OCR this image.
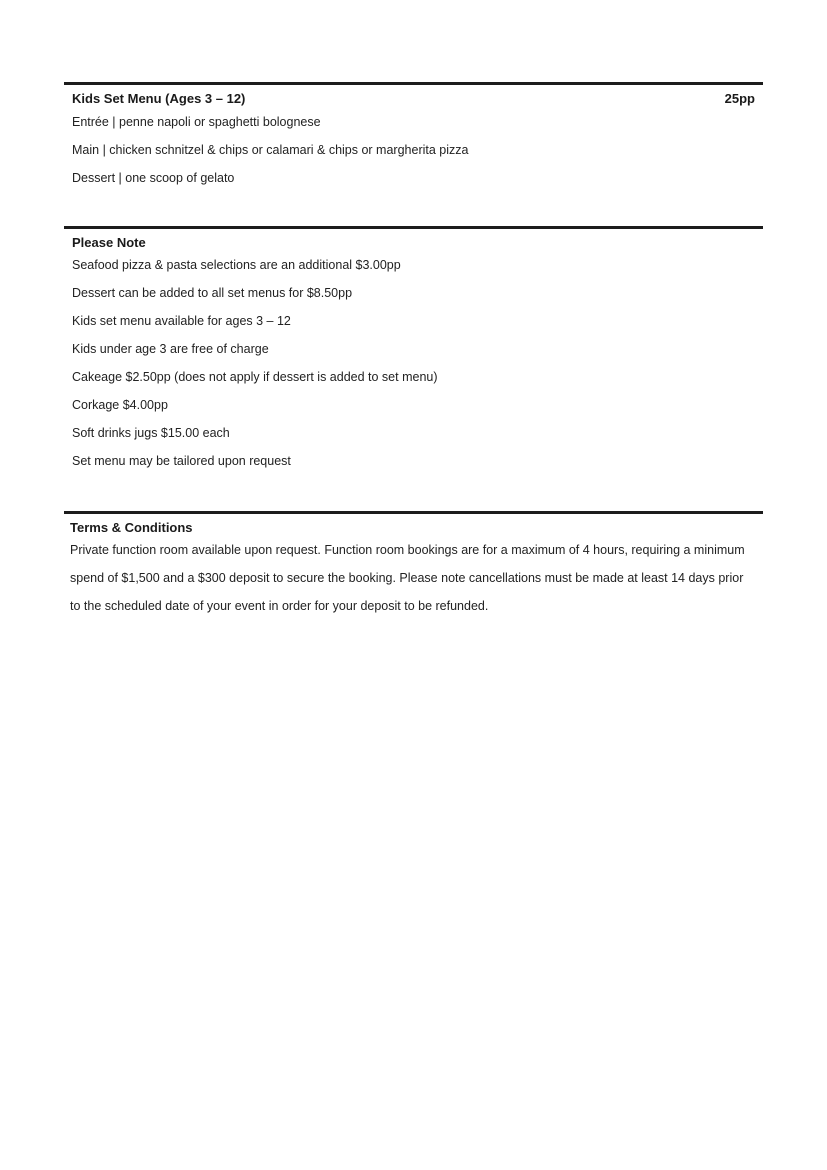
Kids Set Menu (Ages 3 – 12)	25pp
Entrée | penne napoli or spaghetti bolognese
Main | chicken schnitzel & chips or calamari & chips or margherita pizza
Dessert | one scoop of gelato
Please Note
Seafood pizza & pasta selections are an additional $3.00pp
Dessert can be added to all set menus for $8.50pp
Kids set menu available for ages 3 – 12
Kids under age 3 are free of charge
Cakeage $2.50pp (does not apply if dessert is added to set menu)
Corkage $4.00pp
Soft drinks jugs $15.00 each
Set menu may be tailored upon request
Terms & Conditions

Private function room available upon request. Function room bookings are for a maximum of 4 hours, requiring a minimum spend of $1,500 and a $300 deposit to secure the booking. Please note cancellations must be made at least 14 days prior to the scheduled date of your event in order for your deposit to be refunded.
